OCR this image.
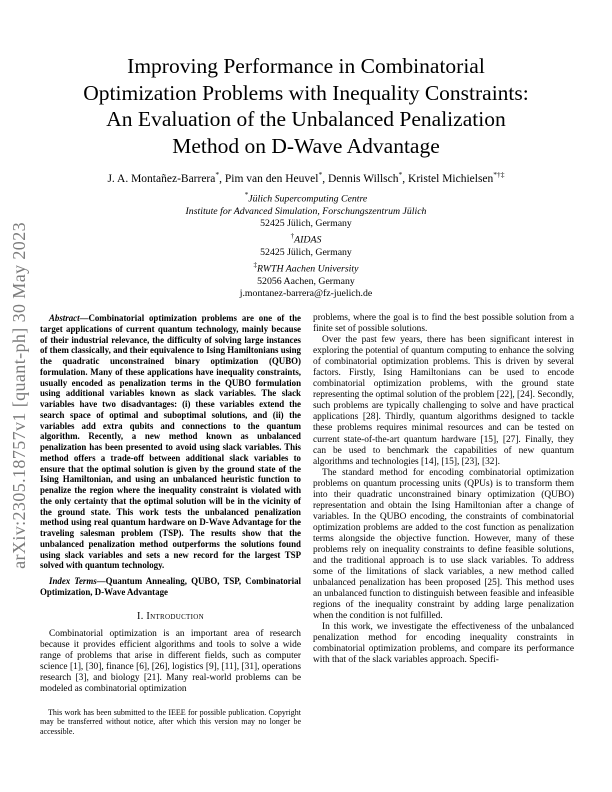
arXiv:2305.18757v1 [quant-ph] 30 May 2023
Improving Performance in Combinatorial
Optimization Problems with Inequality Constraints:
An Evaluation of the Unbalanced Penalization
Method on D-Wave Advantage
J. A. Montañez-Barrera*, Pim van den Heuvel*, Dennis Willsch*, Kristel Michielsen*†‡
*Jülich Supercomputing Centre
Institute for Advanced Simulation, Forschungszentrum Jülich
52425 Jülich, Germany
†AIDAS
52425 Jülich, Germany
‡RWTH Aachen University
52056 Aachen, Germany
j.montanez-barrera@fz-juelich.de

Abstract—Combinatorial optimization problems are one of the target applications of current quantum technology, mainly because of their industrial relevance, the difficulty of solving large instances of them classically, and their equivalence to Ising Hamiltonians using the quadratic unconstrained binary optimization (QUBO) formulation. Many of these applications have inequality constraints, usually encoded as penalization terms in the QUBO formulation using additional variables known as slack variables. The slack variables have two disadvantages: (i) these variables extend the search space of optimal and suboptimal solutions, and (ii) the variables add extra qubits and connections to the quantum algorithm. Recently, a new method known as unbalanced penalization has been presented to avoid using slack variables. This method offers a trade-off between additional slack variables to ensure that the optimal solution is given by the ground state of the Ising Hamiltonian, and using an unbalanced heuristic function to penalize the region where the inequality constraint is violated with the only certainty that the optimal solution will be in the vicinity of the ground state. This work tests the unbalanced penalization method using real quantum hardware on D-Wave Advantage for the traveling salesman problem (TSP). The results show that the unbalanced penalization method outperforms the solutions found using slack variables and sets a new record for the largest TSP solved with quantum technology.

Index Terms—Quantum Annealing, QUBO, TSP, Combinatorial Optimization, D-Wave Advantage

I. Introduction

Combinatorial optimization is an important area of research because it provides efficient algorithms and tools to solve a wide range of problems that arise in different fields, such as computer science [1], [30], finance [6], [26], logistics [9], [11], [31], operations research [3], and biology [21]. Many real-world problems can be modeled as combinatorial optimization

This work has been submitted to the IEEE for possible publication. Copyright may be transferred without notice, after which this version may no longer be accessible.

problems, where the goal is to find the best possible solution from a finite set of possible solutions.

Over the past few years, there has been significant interest in exploring the potential of quantum computing to enhance the solving of combinatorial optimization problems. This is driven by several factors. Firstly, Ising Hamiltonians can be used to encode combinatorial optimization problems, with the ground state representing the optimal solution of the problem [22], [24]. Secondly, such problems are typically challenging to solve and have practical applications [28]. Thirdly, quantum algorithms designed to tackle these problems requires minimal resources and can be tested on current state-of-the-art quantum hardware [15], [27]. Finally, they can be used to benchmark the capabilities of new quantum algorithms and technologies [14], [15], [23], [32].

The standard method for encoding combinatorial optimization problems on quantum processing units (QPUs) is to transform them into their quadratic unconstrained binary optimization (QUBO) representation and obtain the Ising Hamiltonian after a change of variables. In the QUBO encoding, the constraints of combinatorial optimization problems are added to the cost function as penalization terms alongside the objective function. However, many of these problems rely on inequality constraints to define feasible solutions, and the traditional approach is to use slack variables. To address some of the limitations of slack variables, a new method called unbalanced penalization has been proposed [25]. This method uses an unbalanced function to distinguish between feasible and infeasible regions of the inequality constraint by adding large penalization when the condition is not fulfilled.

In this work, we investigate the effectiveness of the unbalanced penalization method for encoding inequality constraints in combinatorial optimization problems, and compare its performance with that of the slack variables approach. Specifi-
